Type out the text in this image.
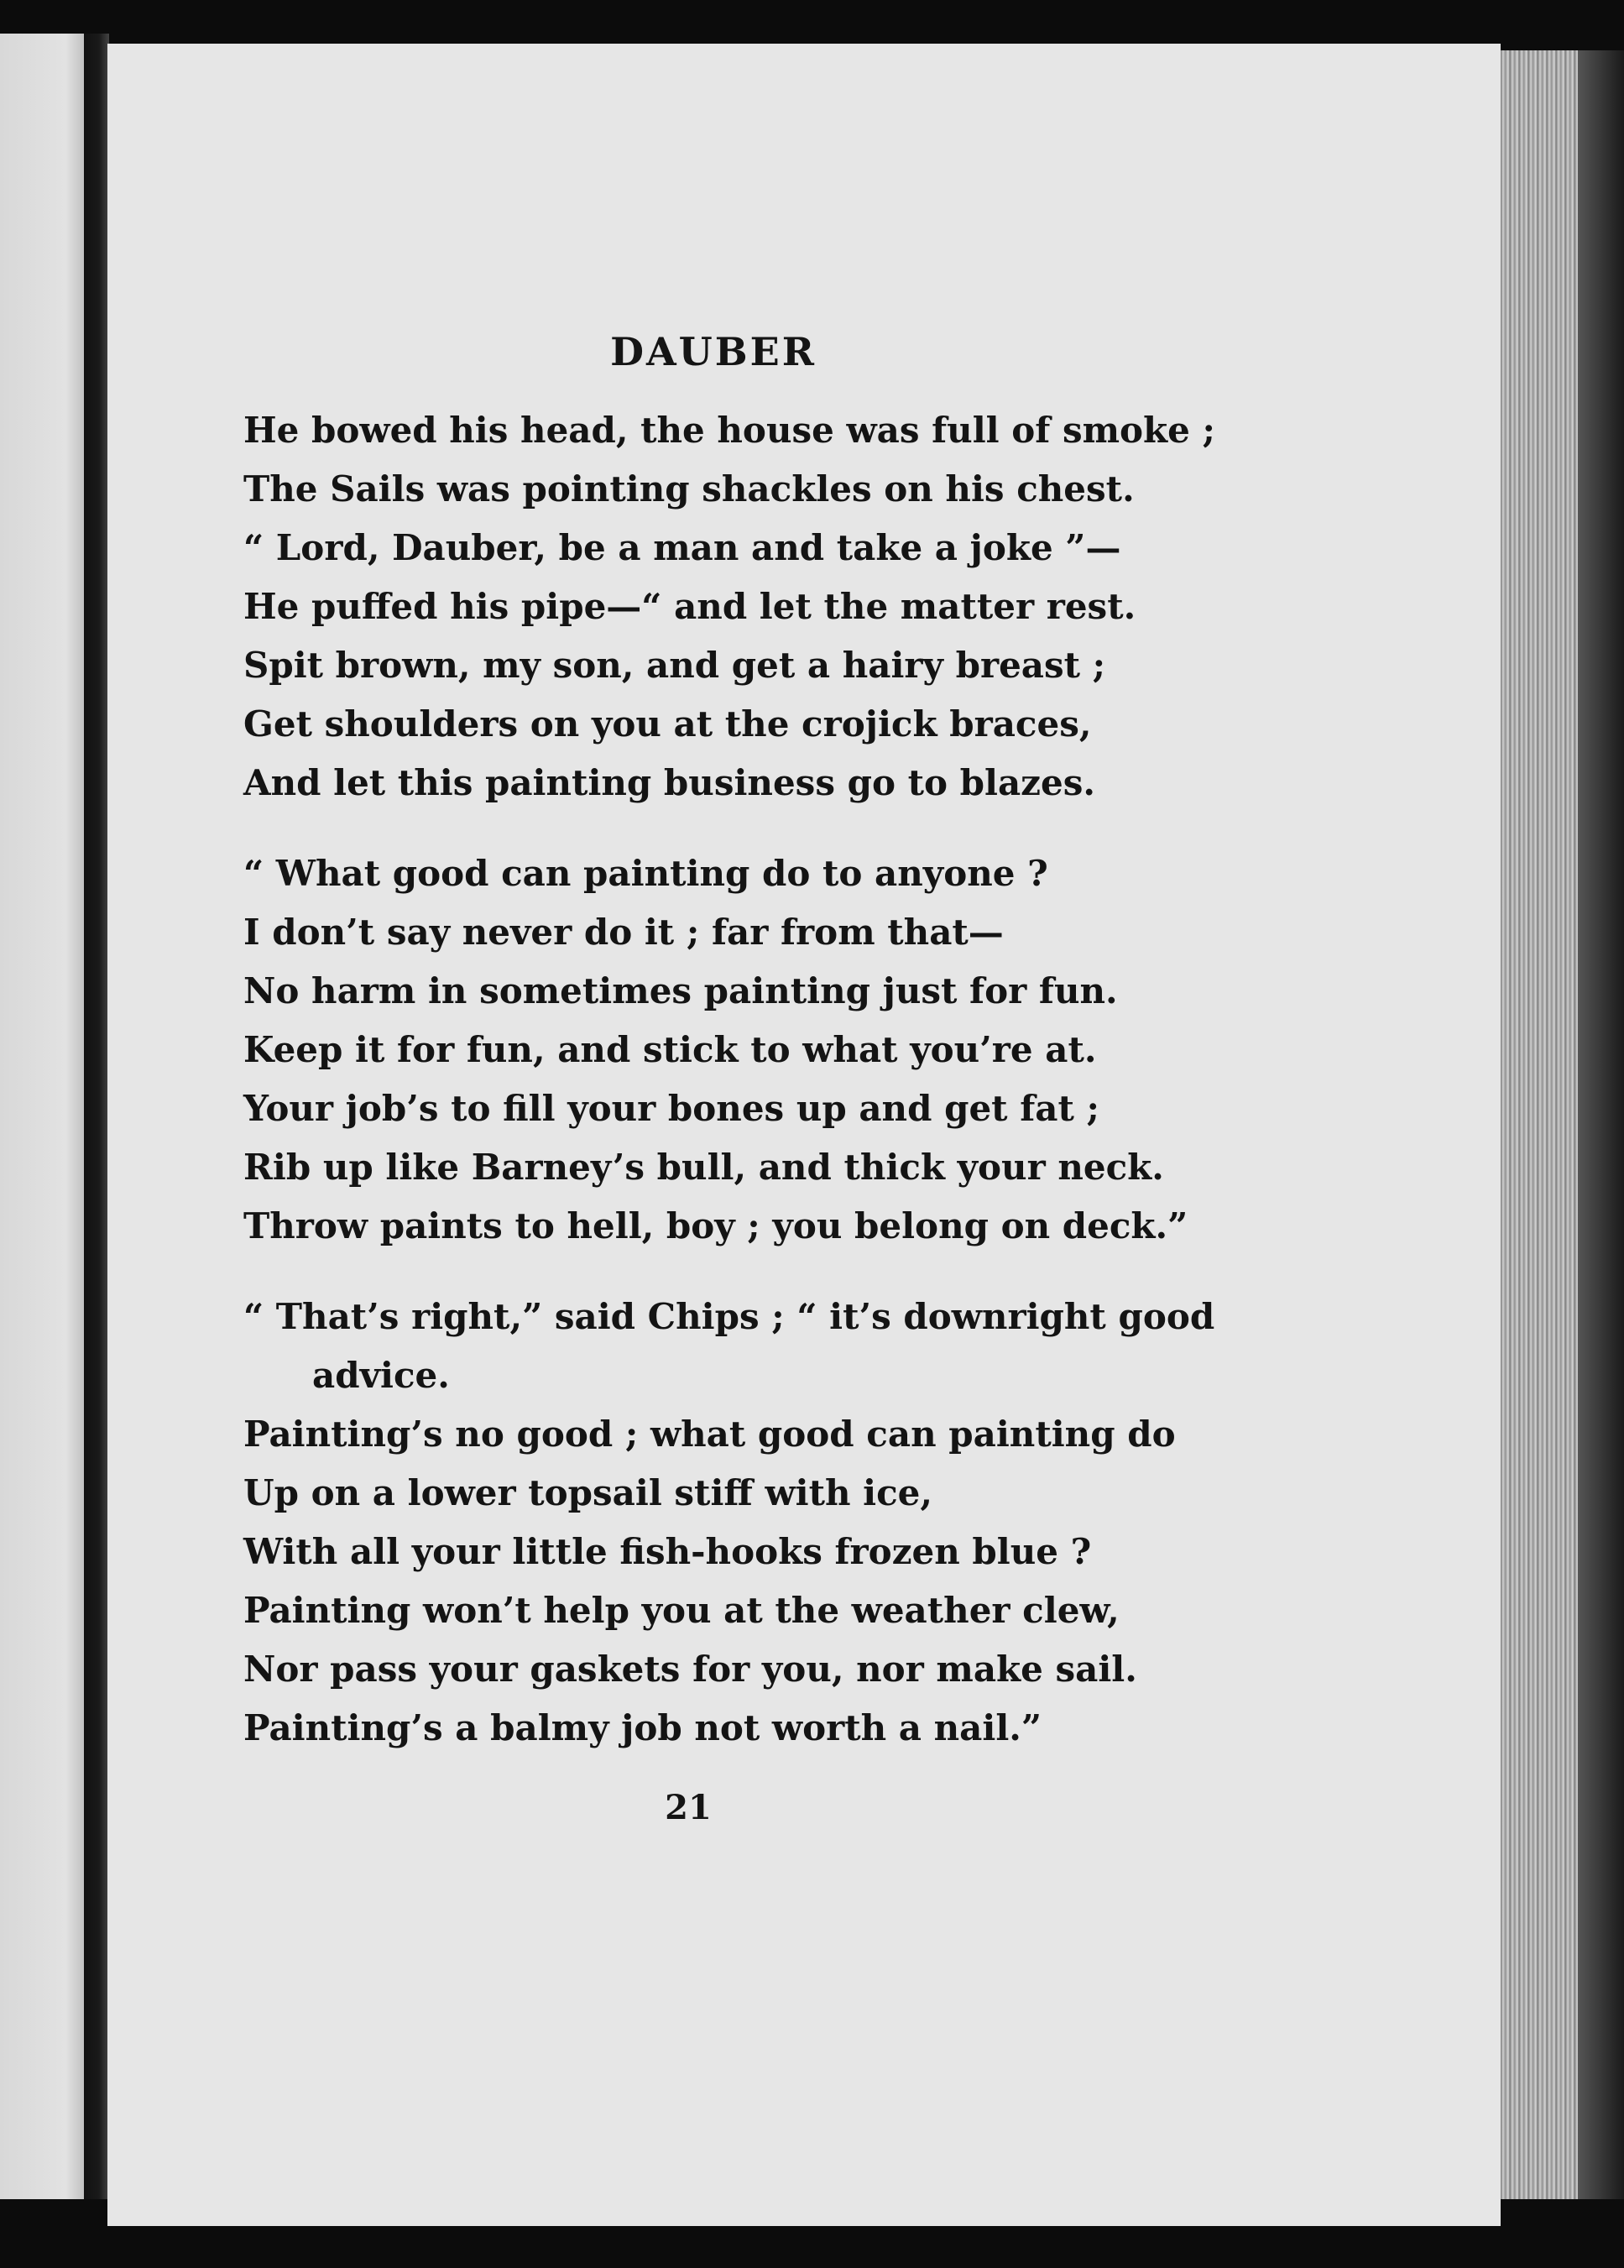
DAUBER
He bowed his head, the house was full of smoke ;
The Sails was pointing shackles on his chest.
“ Lord, Dauber, be a man and take a joke ”—
He puffed his pipe—“ and let the matter rest.
Spit brown, my son, and get a hairy breast ;
Get shoulders on you at the crojick braces,
And let this painting business go to blazes.
“ What good can painting do to anyone ?
I don’t say never do it ; far from that—
No harm in sometimes painting just for fun.
Keep it for fun, and stick to what you’re at.
Your job’s to fill your bones up and get fat ;
Rib up like Barney’s bull, and thick your neck.
Throw paints to hell, boy ; you belong on deck.”
“ That’s right,” said Chips ; “ it’s downright good
advice.
Painting’s no good ; what good can painting do
Up on a lower topsail stiff with ice,
With all your little fish-hooks frozen blue ?
Painting won’t help you at the weather clew,
Nor pass your gaskets for you, nor make sail.
Painting’s a balmy job not worth a nail.”
21
